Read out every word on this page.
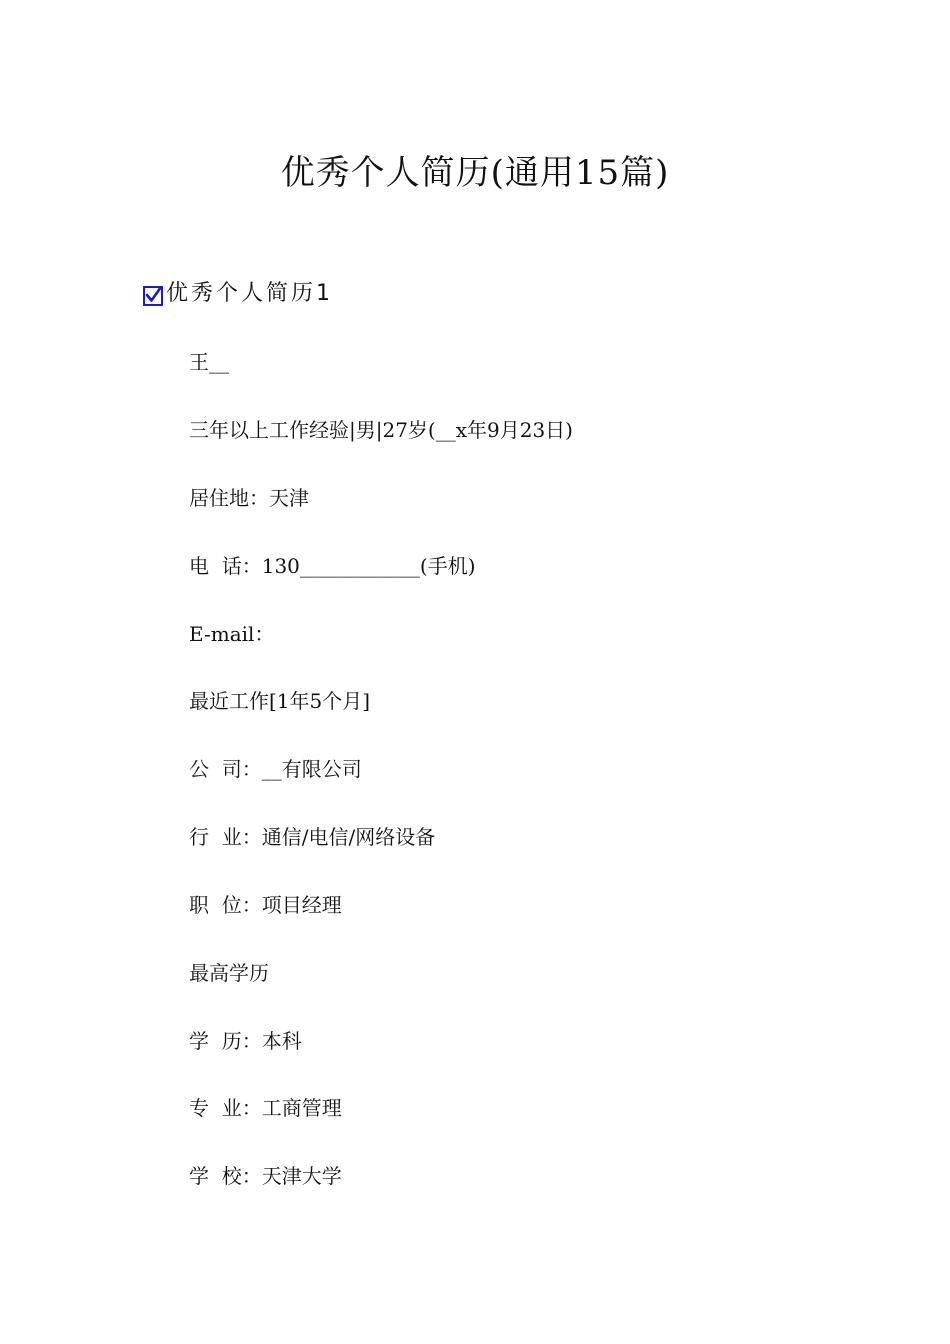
优秀个人简历(通用15篇)
优秀个人简历1
王__
三年以上工作经验|男|27岁(__x年9月23日)
居住地：天津
电  话：130____________(手机)
E-mail：
最近工作[1年5个月]
公  司：__有限公司
行  业：通信/电信/网络设备
职  位：项目经理
最高学历
学  历：本科
专  业：工商管理
学  校：天津大学
